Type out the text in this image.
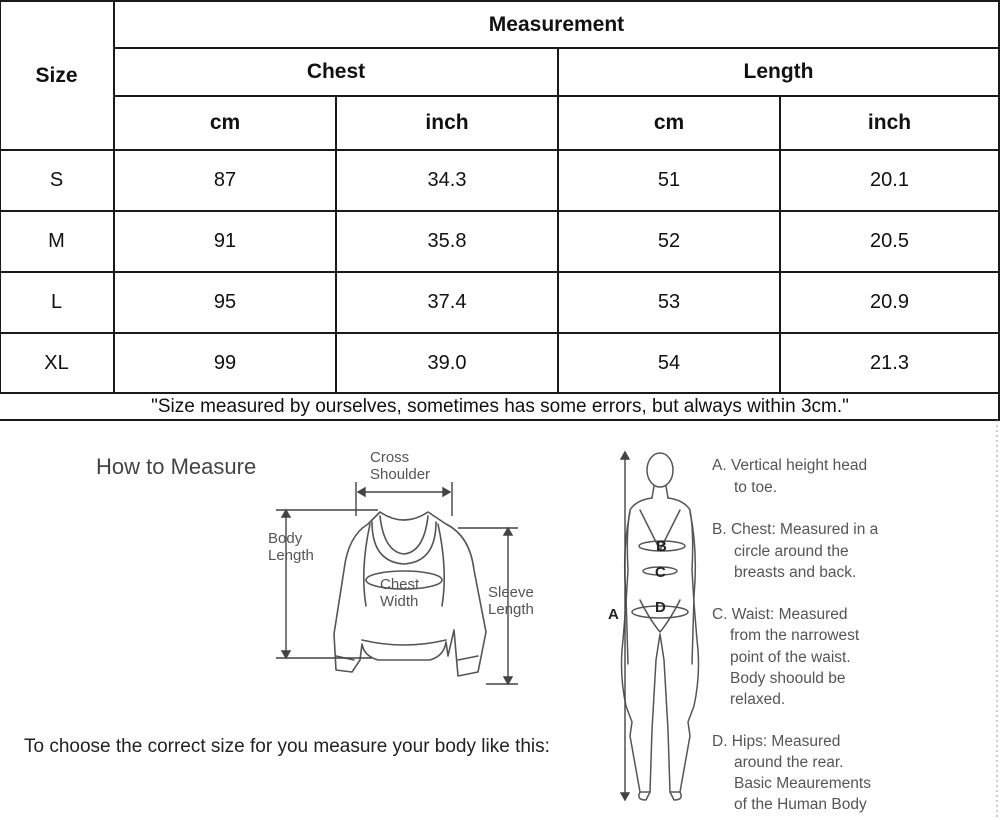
Size
Measurement
Chest	Length
cm	inch	cm	inch
S	87	34.3	51	20.1
M	91	35.8	52	20.5
L	95	37.4	53	20.9
XL	99	39.0	54	21.3
"Size measured by ourselves, sometimes has some errors, but always within 3cm."
How to Measure	Cross
Shoulder
Body
Length
Chest
Width
Sleeve
Length	A
B
C
D
A. Vertical height head
to toe.
B. Chest: Measured in a
circle around the
breasts and back.
C. Waist: Measured
from the narrowest
point of the waist.
Body shoould be
relaxed.
D. Hips: Measured
around the rear.
Basic Meaurements
of the Human Body
To choose the correct size for you measure your body like this:
